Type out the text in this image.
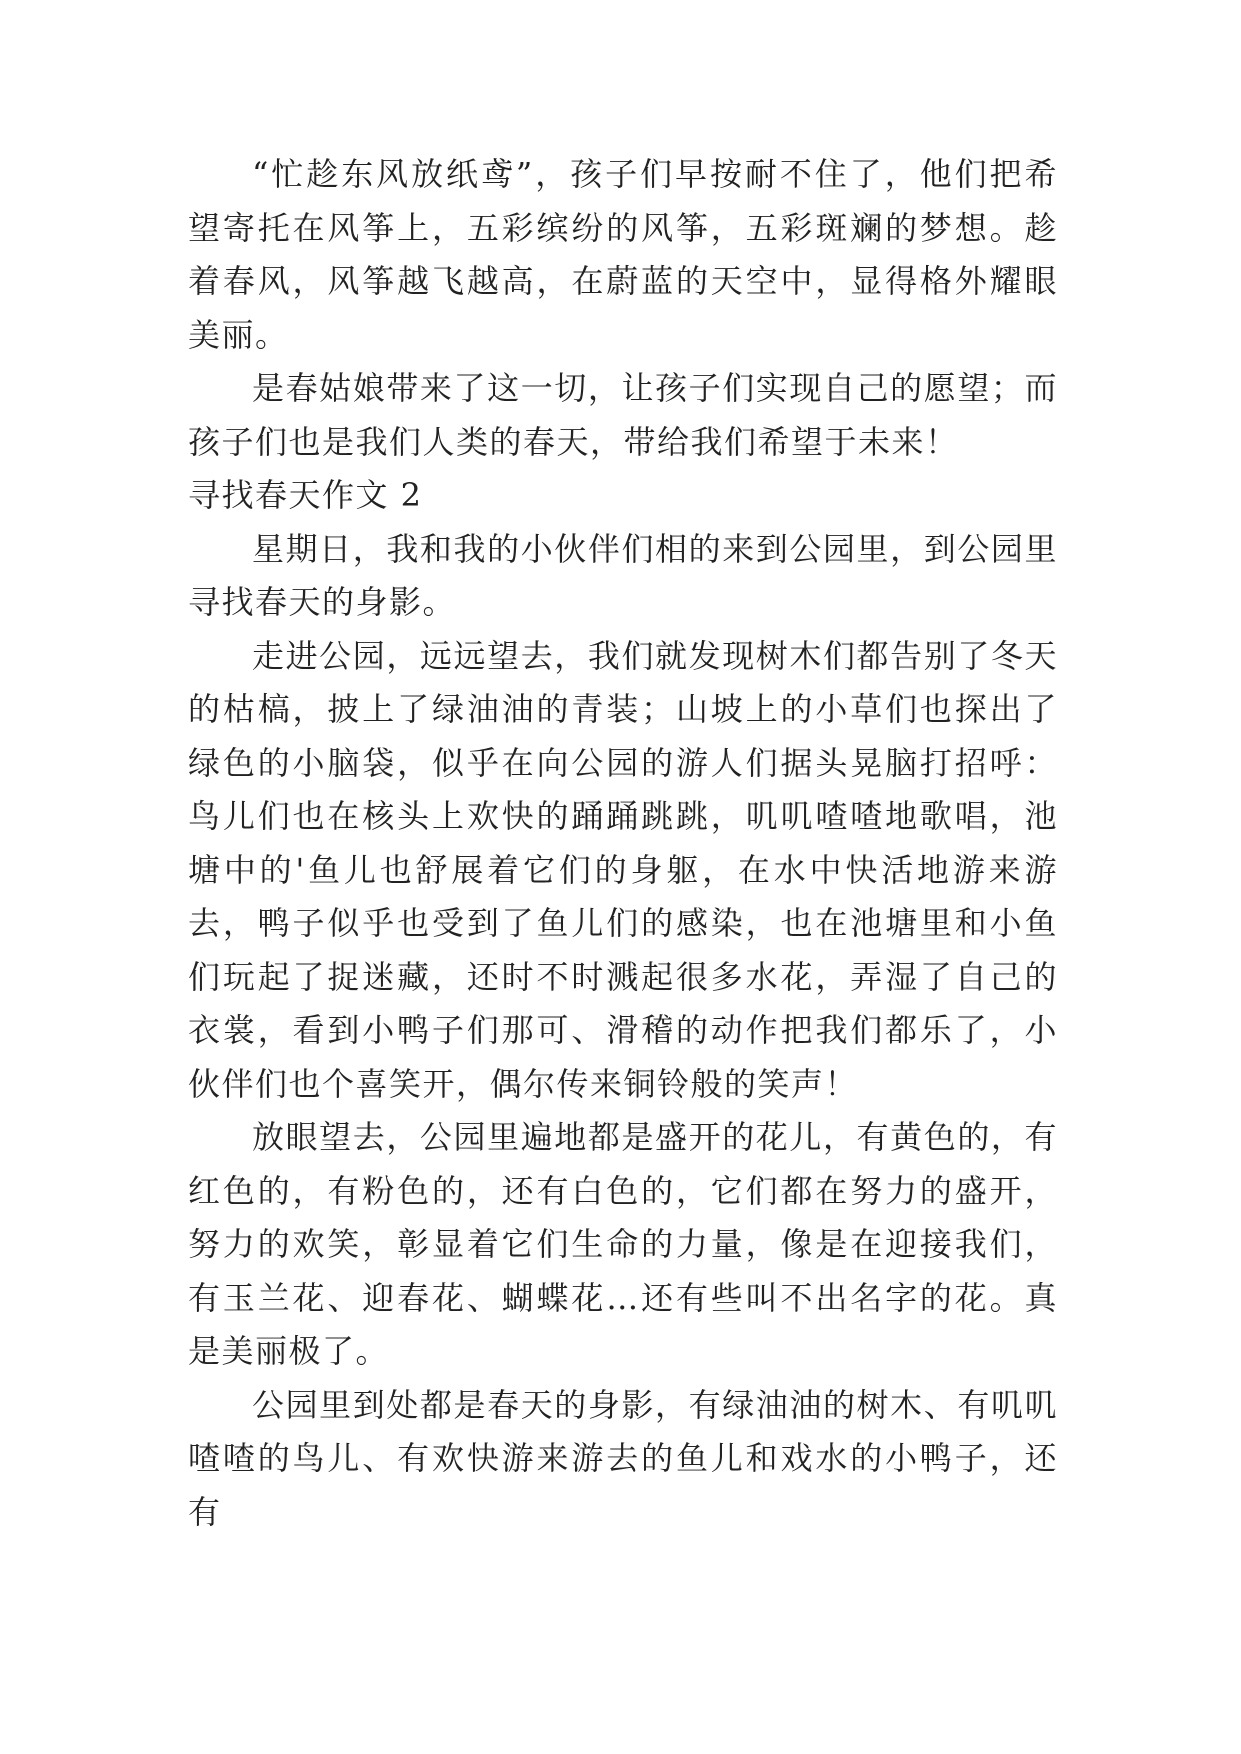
“忙趁东风放纸鸢”，孩子们早按耐不住了，他们把希望寄托在风筝上，五彩缤纷的风筝，五彩斑斓的梦想。趁着春风，风筝越飞越高，在蔚蓝的天空中，显得格外耀眼美丽。

是春姑娘带来了这一切，让孩子们实现自己的愿望；而孩子们也是我们人类的春天，带给我们希望于未来！

寻找春天作文 2

星期日，我和我的小伙伴们相的来到公园里，到公园里寻找春天的身影。

走进公园，远远望去，我们就发现树木们都告别了冬天的枯槁，披上了绿油油的青装；山坡上的小草们也探出了绿色的小脑袋，似乎在向公园的游人们据头晃脑打招呼：鸟儿们也在核头上欢快的踊踊跳跳，叽叽喳喳地歌唱，池塘中的'鱼儿也舒展着它们的身躯，在水中快活地游来游去，鸭子似乎也受到了鱼儿们的感染，也在池塘里和小鱼们玩起了捉迷藏，还时不时溅起很多水花，弄湿了自己的衣裳，看到小鸭子们那可、滑稽的动作把我们都乐了，小伙伴们也个喜笑开，偶尔传来铜铃般的笑声！

放眼望去，公园里遍地都是盛开的花儿，有黄色的，有红色的，有粉色的，还有白色的，它们都在努力的盛开，努力的欢笑，彰显着它们生命的力量，像是在迎接我们，有玉兰花、迎春花、蝴蝶花…还有些叫不出名字的花。真是美丽极了。

公园里到处都是春天的身影，有绿油油的树木、有叽叽喳喳的鸟儿、有欢快游来游去的鱼儿和戏水的小鸭子，还有
